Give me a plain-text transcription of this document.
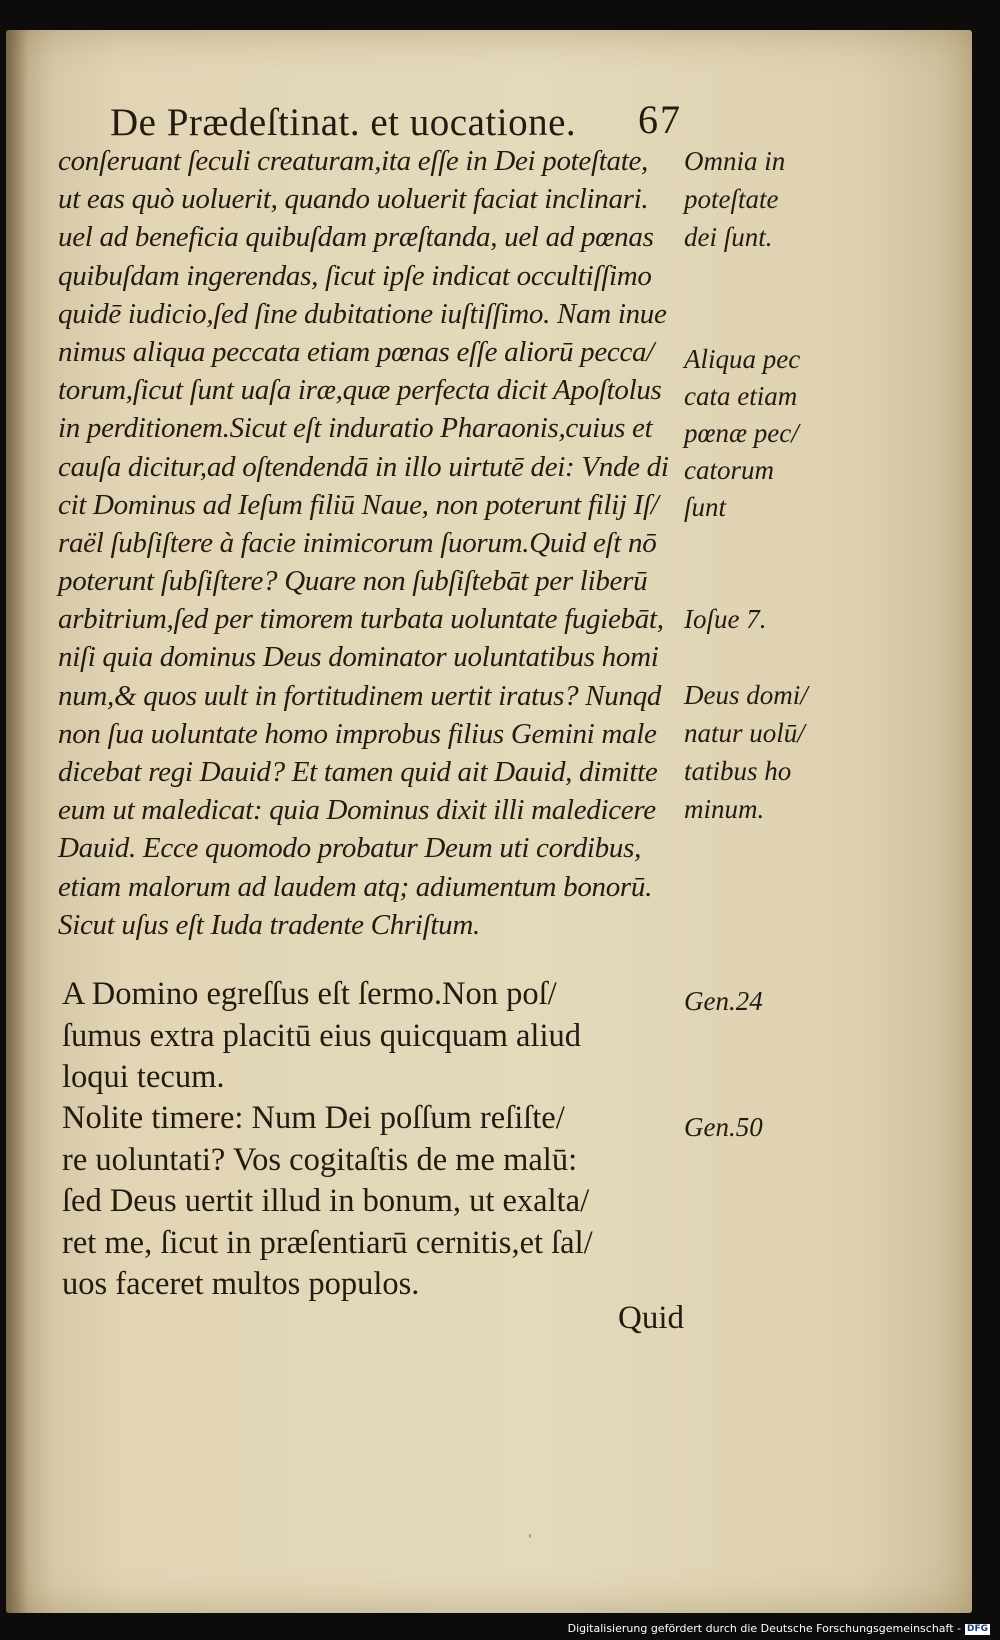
De Prædeſtinat. et uocatione.	67
conſeruant ſeculi creaturam,ita eſſe in Dei poteſtate,
ut eas quò uoluerit, quando uoluerit faciat inclinari.
uel ad beneficia quibuſdam præſtanda, uel ad pœnas
quibuſdam ingerendas, ſicut ipſe indicat occultiſſimo
quidē iudicio,ſed ſine dubitatione iuſtiſſimo. Nam inue
nimus aliqua peccata etiam pœnas eſſe aliorū pecca/
torum,ſicut ſunt uaſa iræ,quæ perfecta dicit Apoſtolus
in perditionem.Sicut eſt induratio Pharaonis,cuius et
cauſa dicitur,ad oſtendendā in illo uirtutē dei: Vnde di
cit Dominus ad Ieſum filiū Naue, non poterunt filij Iſ/
raël ſubſiſtere à facie inimicorum ſuorum.Quid eſt nō
poterunt ſubſiſtere? Quare non ſubſiſtebāt per liberū
arbitrium,ſed per timorem turbata uoluntate fugiebāt,
niſi quia dominus Deus dominator uoluntatibus homi
num,& quos uult in fortitudinem uertit iratus? Nunqd
non ſua uoluntate homo improbus filius Gemini male
dicebat regi Dauid? Et tamen quid ait Dauid, dimitte
eum ut maledicat: quia Dominus dixit illi maledicere
Dauid. Ecce quomodo probatur Deum uti cordibus,
etiam malorum ad laudem atq; adiumentum bonorū.
Sicut uſus eſt Iuda tradente Chriſtum.
A Domino egreſſus eſt ſermo.Non poſ/
ſumus extra placitū eius quicquam aliud
loqui tecum.
Nolite timere: Num Dei poſſum reſiſte/
re uoluntati? Vos cogitaſtis de me malū:
ſed Deus uertit illud in bonum, ut exalta/
ret me, ſicut in præſentiarū cernitis,et ſal/
uos faceret multos populos.
Quid
Omnia in
poteſtate
dei ſunt.
Aliqua pec
cata etiam
pœnæ pec/
catorum
ſunt
Ioſue 7.
Deus domi/
natur uolū/
tatibus ho
minum.
Gen.24
Gen.50
ˌ
Digitalisierung gefördert durch die Deutsche Forschungsgemeinschaft - DFG
